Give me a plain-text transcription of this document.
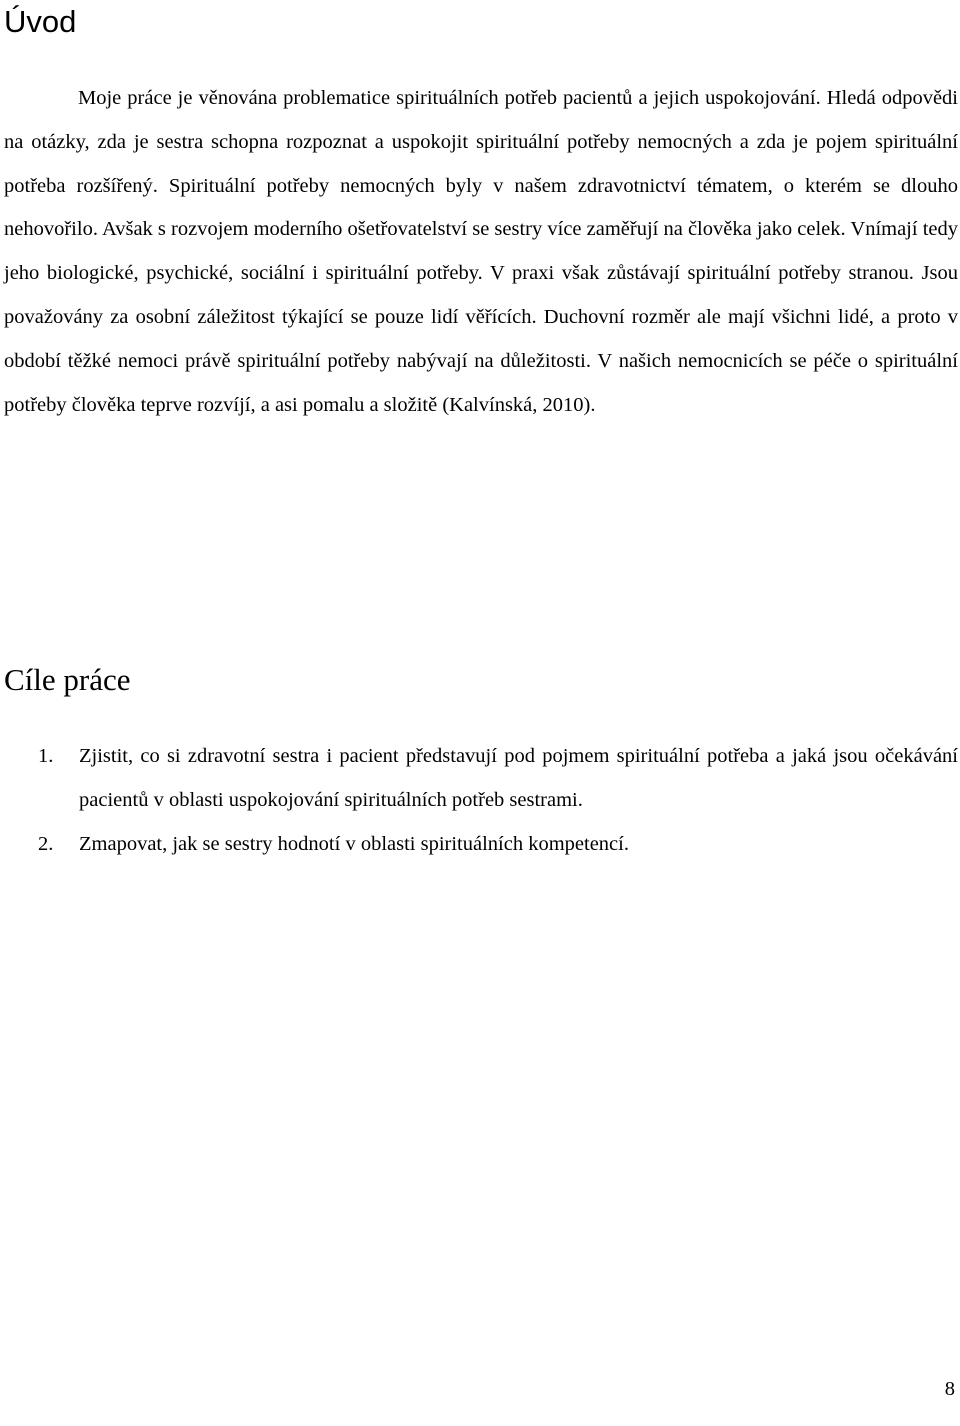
Úvod

Moje práce je věnována problematice spirituálních potřeb pacientů a jejich uspokojování. Hledá odpovědi na otázky, zda je sestra schopna rozpoznat a uspokojit spirituální potřeby nemocných a zda je pojem spirituální potřeba rozšířený. Spirituální potřeby nemocných byly v našem zdravotnictví tématem, o kterém se dlouho nehovořilo. Avšak s rozvojem moderního ošetřovatelství se sestry více zaměřují na člověka jako celek. Vnímají tedy jeho biologické, psychické, sociální i spirituální potřeby. V praxi však zůstávají spirituální potřeby stranou. Jsou považovány za osobní záležitost týkající se pouze lidí věřících. Duchovní rozměr ale mají všichni lidé, a proto v období těžké nemoci právě spirituální potřeby nabývají na důležitosti. V našich nemocnicích se péče o spirituální potřeby člověka teprve rozvíjí, a asi pomalu a složitě (Kalvínská, 2010).

Cíle práce
1. Zjistit, co si zdravotní sestra i pacient představují pod pojmem spirituální potřeba a jaká jsou očekávání pacientů v oblasti uspokojování spirituálních potřeb sestrami.
2. Zmapovat, jak se sestry hodnotí v oblasti spirituálních kompetencí.
8
